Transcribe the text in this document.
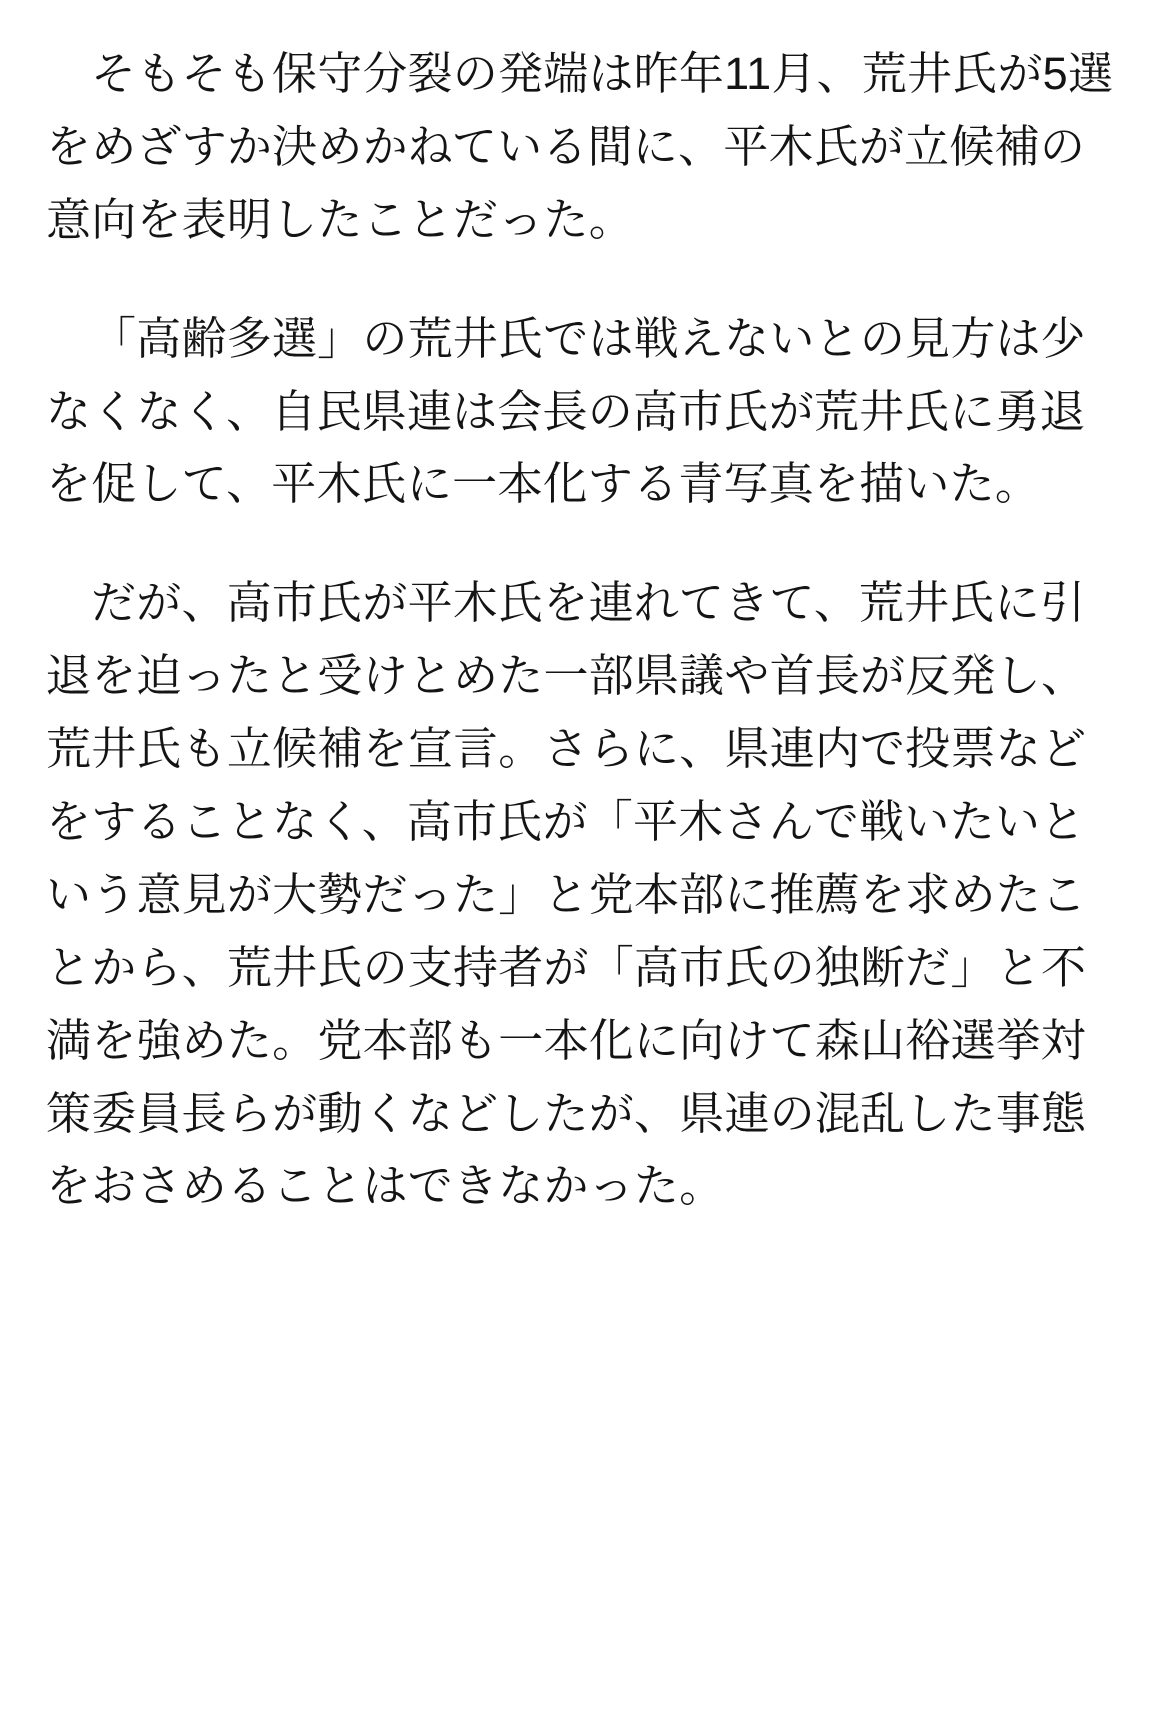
そもそも保守分裂の発端は昨年11月、荒井氏が5選をめざすか決めかねている間に、平木氏が立候補の意向を表明したことだった。

「高齢多選」の荒井氏では戦えないとの見方は少なくなく、自民県連は会長の高市氏が荒井氏に勇退を促して、平木氏に一本化する青写真を描いた。

だが、高市氏が平木氏を連れてきて、荒井氏に引退を迫ったと受けとめた一部県議や首長が反発し、荒井氏も立候補を宣言。さらに、県連内で投票などをすることなく、高市氏が「平木さんで戦いたいという意見が大勢だった」と党本部に推薦を求めたことから、荒井氏の支持者が「高市氏の独断だ」と不満を強めた。党本部も一本化に向けて森山裕選挙対策委員長らが動くなどしたが、県連の混乱した事態をおさめることはできなかった。
